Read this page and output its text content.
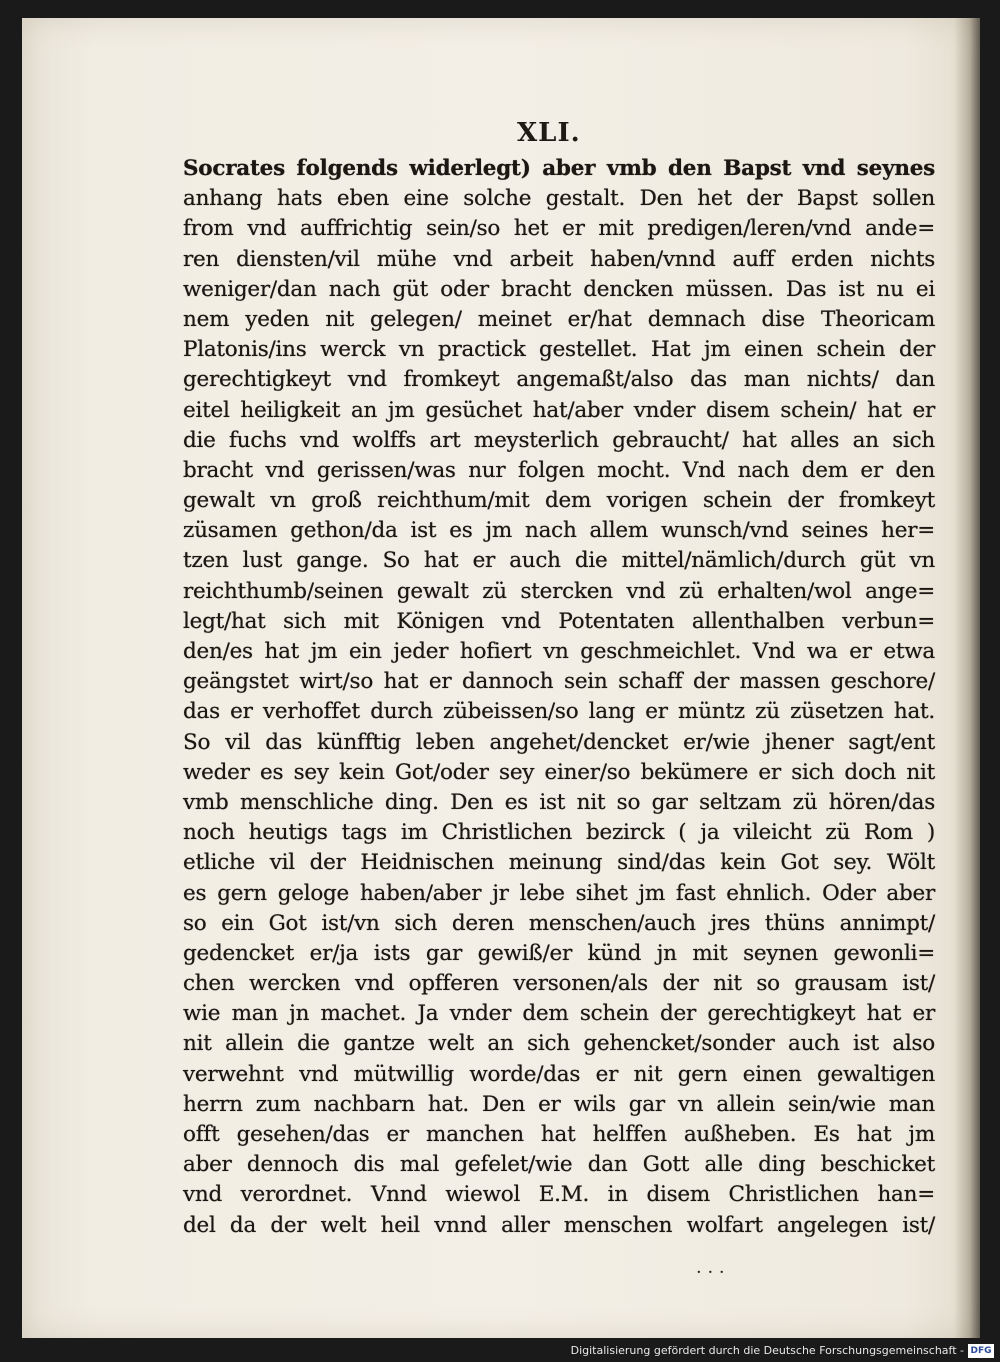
XLI.
Socrates folgends widerlegt) aber vmb den Bapst vnd seynes
anhang hats eben eine solche gestalt. Den het der Bapst sollen
from vnd auffrichtig sein/so het er mit predigen/leren/vnd ande=
ren diensten/vil mühe vnd arbeit haben/vnnd auff erden nichts
weniger/dan nach güt oder bracht dencken müssen. Das ist nu ei
nem yeden nit gelegen/ meinet er/hat demnach dise Theoricam
Platonis/ins werck vn practick gestellet. Hat jm einen schein der
gerechtigkeyt vnd fromkeyt angemaßt/also das man nichts/ dan
eitel heiligkeit an jm gesüchet hat/aber vnder disem schein/ hat er
die fuchs vnd wolffs art meysterlich gebraucht/ hat alles an sich
bracht vnd gerissen/was nur folgen mocht. Vnd nach dem er den
gewalt vn groß reichthum/mit dem vorigen schein der fromkeyt
züsamen gethon/da ist es jm nach allem wunsch/vnd seines her=
tzen lust gange. So hat er auch die mittel/nämlich/durch güt vn
reichthumb/seinen gewalt zü stercken vnd zü erhalten/wol ange=
legt/hat sich mit Königen vnd Potentaten allenthalben verbun=
den/es hat jm ein jeder hofiert vn geschmeichlet. Vnd wa er etwa
geängstet wirt/so hat er dannoch sein schaff der massen geschore/
das er verhoffet durch zübeissen/so lang er müntz zü züsetzen hat.
So vil das künfftig leben angehet/dencket er/wie jhener sagt/ent
weder es sey kein Got/oder sey einer/so bekümere er sich doch nit
vmb menschliche ding. Den es ist nit so gar seltzam zü hören/das
noch heutigs tags im Christlichen bezirck ( ja vileicht zü Rom )
etliche vil der Heidnischen meinung sind/das kein Got sey. Wölt
es gern geloge haben/aber jr lebe sihet jm fast ehnlich. Oder aber
so ein Got ist/vn sich deren menschen/auch jres thüns annimpt/
gedencket er/ja ists gar gewiß/er künd jn mit seynen gewonli=
chen wercken vnd opfferen versonen/als der nit so grausam ist/
wie man jn machet. Ja vnder dem schein der gerechtigkeyt hat er
nit allein die gantze welt an sich gehencket/sonder auch ist also
verwehnt vnd mütwillig worde/das er nit gern einen gewaltigen
herrn zum nachbarn hat. Den er wils gar vn allein sein/wie man
offt gesehen/das er manchen hat helffen außheben. Es hat jm
aber dennoch dis mal gefelet/wie dan Gott alle ding beschicket
vnd verordnet. Vnnd wiewol E.M. in disem Christlichen han=
del da der welt heil vnnd aller menschen wolfart angelegen ist/
· · ·
Digitalisierung gefördert durch die Deutsche Forschungsgemeinschaft - DFG
